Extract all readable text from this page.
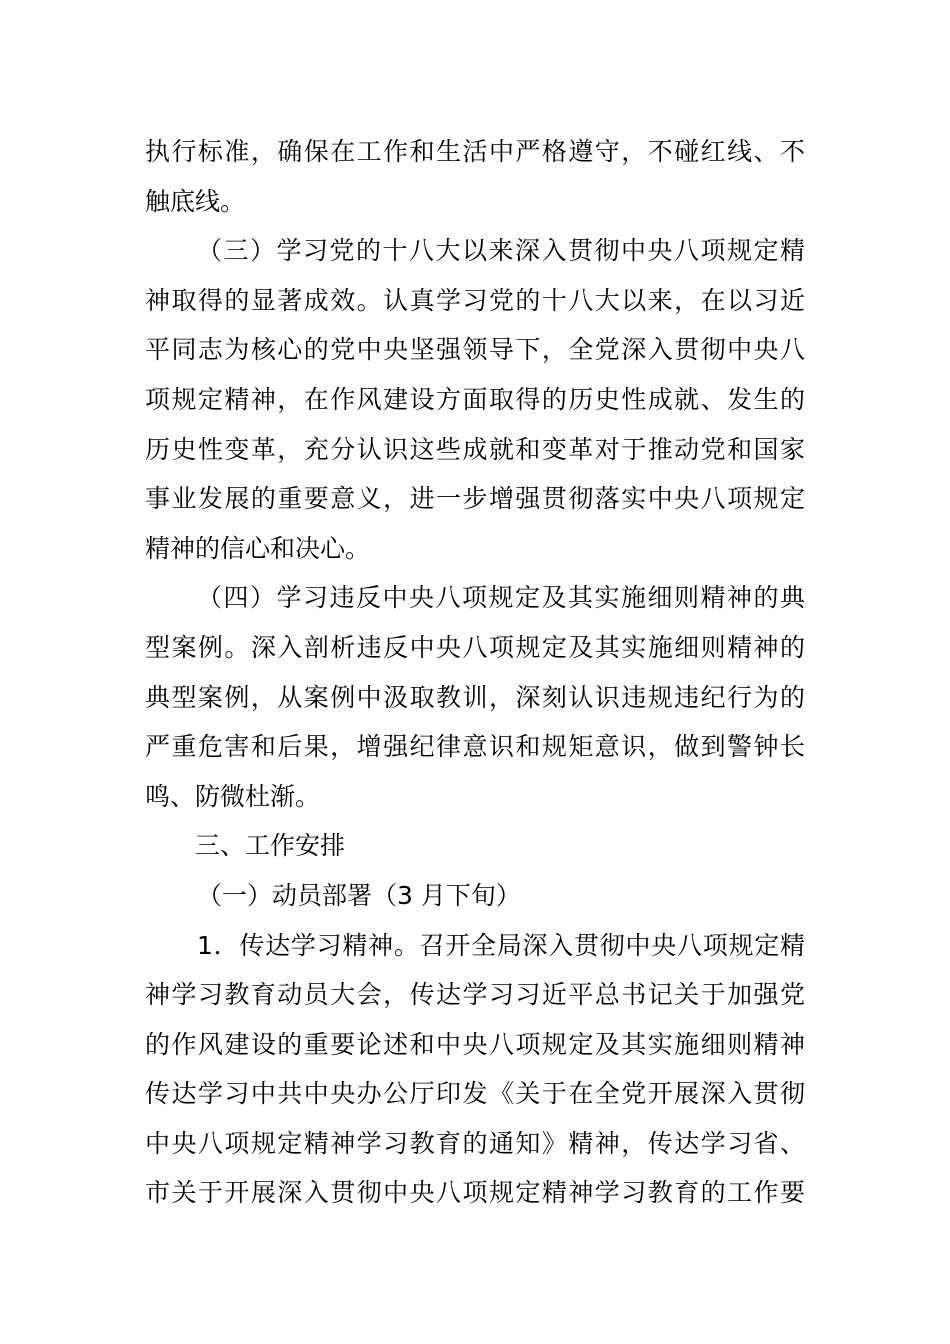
执行标准，确保在工作和生活中严格遵守，不碰红线、不
触底线。
（三）学习党的十八大以来深入贯彻中央八项规定精
神取得的显著成效。认真学习党的十八大以来，在以习近
平同志为核心的党中央坚强领导下，全党深入贯彻中央八
项规定精神，在作风建设方面取得的历史性成就、发生的
历史性变革，充分认识这些成就和变革对于推动党和国家
事业发展的重要意义，进一步增强贯彻落实中央八项规定
精神的信心和决心。
（四）学习违反中央八项规定及其实施细则精神的典
型案例。深入剖析违反中央八项规定及其实施细则精神的
典型案例，从案例中汲取教训，深刻认识违规违纪行为的
严重危害和后果，增强纪律意识和规矩意识，做到警钟长
鸣、防微杜渐。
三、工作安排
（一）动员部署（3 月下旬）
1．传达学习精神。召开全局深入贯彻中央八项规定精
神学习教育动员大会，传达学习习近平总书记关于加强党
的作风建设的重要论述和中央八项规定及其实施细则精神
传达学习中共中央办公厅印发《关于在全党开展深入贯彻
中央八项规定精神学习教育的通知》精神，传达学习省、
市关于开展深入贯彻中央八项规定精神学习教育的工作要
